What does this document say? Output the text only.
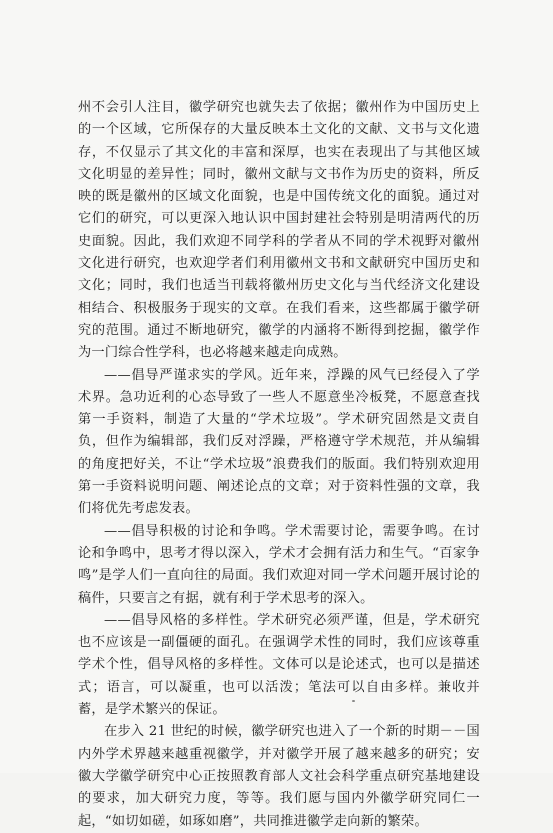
州不会引人注目，徽学研究也就失去了依据；徽州作为中国历史上的一个区域，它所保存的大量反映本土文化的文献、文书与文化遗存，不仅显示了其文化的丰富和深厚，也实在表现出了与其他区域文化明显的差异性；同时，徽州文献与文书作为历史的资料，所反映的既是徽州的区域文化面貌，也是中国传统文化的面貌。通过对它们的研究，可以更深入地认识中国封建社会特别是明清两代的历史面貌。因此，我们欢迎不同学科的学者从不同的学术视野对徽州文化进行研究，也欢迎学者们利用徽州文书和文献研究中国历史和文化；同时，我们也适当刊载将徽州历史文化与当代经济文化建设相结合、积极服务于现实的文章。在我们看来，这些都属于徽学研究的范围。通过不断地研究，徽学的内涵将不断得到挖掘，徽学作为一门综合性学科，也必将越来越走向成熟。

——倡导严谨求实的学风。近年来，浮躁的风气已经侵入了学术界。急功近利的心态导致了一些人不愿意坐冷板凳，不愿意查找第一手资料，制造了大量的“学术垃圾”。学术研究固然是文责自负，但作为编辑部，我们反对浮躁，严格遵守学术规范，并从编辑的角度把好关，不让“学术垃圾”浪费我们的版面。我们特别欢迎用第一手资料说明问题、阐述论点的文章；对于资料性强的文章，我们将优先考虑发表。

——倡导积极的讨论和争鸣。学术需要讨论，需要争鸣。在讨论和争鸣中，思考才得以深入，学术才会拥有活力和生气。“百家争鸣”是学人们一直向往的局面。我们欢迎对同一学术问题开展讨论的稿件，只要言之有据，就有利于学术思考的深入。

——倡导风格的多样性。学术研究必须严谨，但是，学术研究也不应该是一副僵硬的面孔。在强调学术性的同时，我们应该尊重学术个性，倡导风格的多样性。文体可以是论述式，也可以是描述式；语言，可以凝重，也可以活泼；笔法可以自由多样。兼收并蓄，是学术繁兴的保证。

在步入 21 世纪的时候，徽学研究也进入了一个新的时期－－国内外学术界越来越重视徽学，并对徽学开展了越来越多的研究；安徽大学徽学研究中心正按照教育部人文社会科学重点研究基地建设的要求，加大研究力度，等等。我们愿与国内外徽学研究同仁一起，“如切如磋，如琢如磨”，共同推进徽学走向新的繁荣。
